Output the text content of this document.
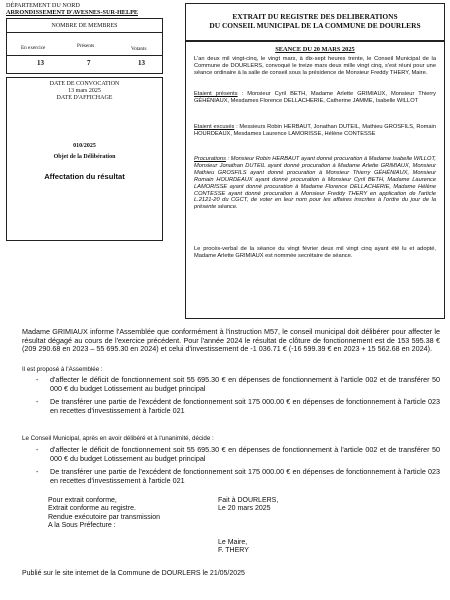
DÉPARTEMENT DU NORD
ARRONDISSEMENT D'AVESNES-SUR-HELPE
NOMBRE DE MEMBRES
En exercice	Présents	Votants
13	7	13
DATE DE CONVOCATION
13 mars 2025
DATE D'AFFICHAGE
010/2025
Objet de la Délibération
Affectation du résultat
EXTRAIT DU REGISTRE DES DELIBERATIONS
DU CONSEIL MUNICIPAL DE LA COMMUNE DE DOURLERS
SEANCE DU 20 MARS 2025
L'an deux mil vingt-cinq, le vingt mars, à dix-sept heures trente, le Conseil Municipal de la Commune de DOURLERS, convoqué le treize mars deux mille vingt cinq, s'est réuni pour une séance ordinaire à la salle de conseil sous la présidence de Monsieur Freddy THERY, Maire.
Etaient présents : Monsieur Cyril BETH, Madame Arlette GRIMIAUX, Monsieur Thierry GÉHÉNIAUX, Mesdames Florence DELLACHERIE, Catherine JAMME, Isabelle WILLOT
Etaient excusés : Messieurs Robin HERBAUT, Jonathan DUTEIL, Mathieu GROSFILS, Romain HOURDEAUX, Mesdames Laurence LAMORISSE, Hélène CONTESSE
Procurations : Monsieur Robin HERBAUT ayant donné procuration à Madame Isabelle WILLOT, Monsieur Jonathan DUTEIL ayant donné procuration à Madame Arlette GRIMIAUX, Monsieur Mathieu GROSFILS ayant donné procuration à Monsieur Thierry GÉHÉNIAUX, Monsieur Romain HOURDEAUX ayant donné procuration à Monsieur Cyril BETH, Madame Laurence LAMORISSE ayant donné procuration à Madame Florence DELLACHERIE, Madame Hélène CONTESSE ayant donné procuration à Monsieur Freddy THERY en application de l'article L.2121-20 du CGCT, de voter en leur nom pour les affaires inscrites à l'ordre du jour de la présente séance.
Le procès-verbal de la séance du vingt février deux mil vingt cinq ayant été lu et adopté, Madame Arlette GRIMIAUX est nommée secrétaire de séance.
Madame GRIMIAUX informe l'Assemblée que conformément à l'instruction M57, le conseil municipal doit délibérer pour affecter le résultat dégagé au cours de l'exercice précédent. Pour l'année 2024 le résultat de clôture de fonctionnement est de 153 595.38 € (209 290.68 en 2023 – 55 695.30 en 2024) et celui d'investissement de -1 036.71 € (-16 599.39 € en 2023 + 15 562.68 en 2024).
Il est proposé à l'Assemblée :
- d'affecter le déficit de fonctionnement soit 55 695.30 € en dépenses de fonctionnement à l'article 002 et de transférer 50 000 € du budget Lotissement au budget principal
- De transférer une partie de l'excédent de fonctionnement soit 175 000.00 € en dépenses de fonctionnement à l'article 023 en recettes d'investissement à l'article 021
Le Conseil Municipal, après en avoir délibéré et à l'unanimité, décide :
- d'affecter le déficit de fonctionnement soit 55 695.30 € en dépenses de fonctionnement à l'article 002 et de transférer 50 000 € du budget Lotissement au budget principal
- De transférer une partie de l'excédent de fonctionnement soit 175 000.00 € en dépenses de fonctionnement à l'article 023 en recettes d'investissement à l'article 021
Pour extrait conforme,
Extrait conforme au registre.
Rendue exécutoire par transmission
A la Sous Préfecture :
Fait à DOURLERS,
Le 20 mars 2025
Le Maire,
F. THERY
Publié sur le site internet de la Commune de DOURLERS le 21/05/2025
